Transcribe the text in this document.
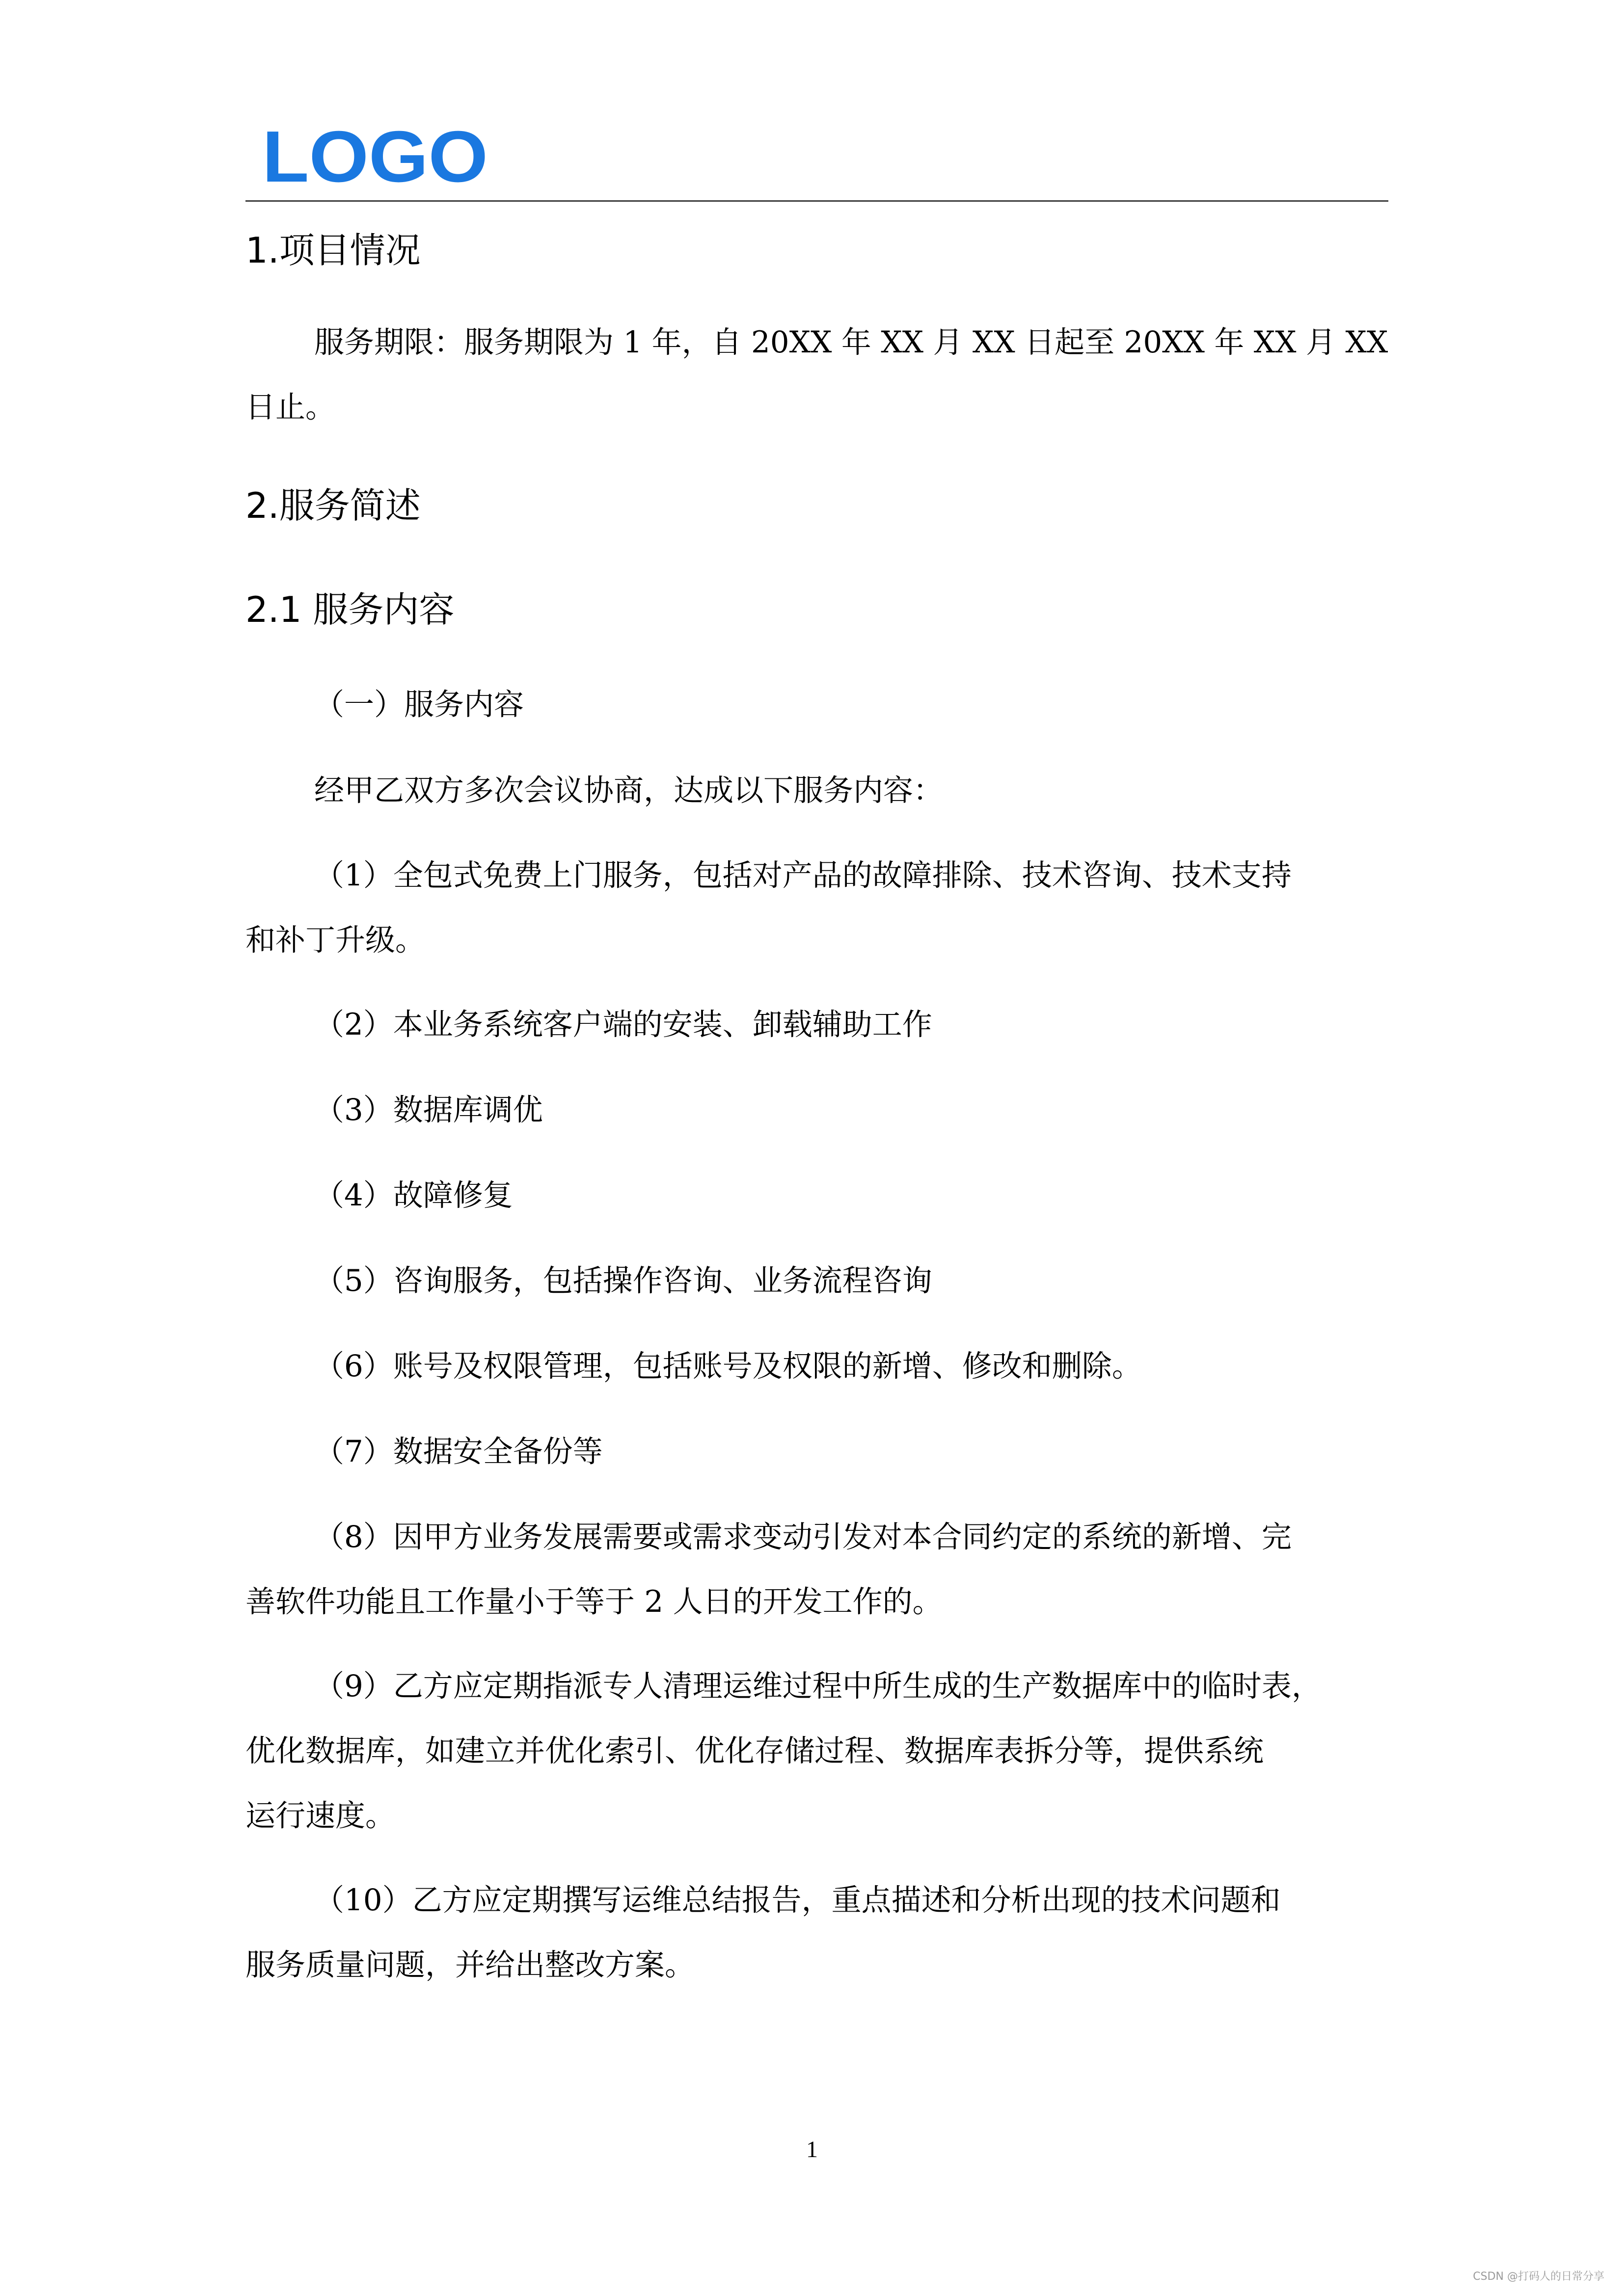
LOGO
1.项目情况
服务期限：服务期限为 1 年，自 20XX 年 XX 月 XX 日起至 20XX 年 XX 月 XX
日止。
2.服务简述
2.1 服务内容
（一）服务内容
经甲乙双方多次会议协商，达成以下服务内容：
（1）全包式免费上门服务，包括对产品的故障排除、技术咨询、技术支持
和补丁升级。
（2）本业务系统客户端的安装、卸载辅助工作
（3）数据库调优
（4）故障修复
（5）咨询服务，包括操作咨询、业务流程咨询
（6）账号及权限管理，包括账号及权限的新增、修改和删除。
（7）数据安全备份等
（8）因甲方业务发展需要或需求变动引发对本合同约定的系统的新增、完
善软件功能且工作量小于等于 2 人日的开发工作的。
（9）乙方应定期指派专人清理运维过程中所生成的生产数据库中的临时表，
优化数据库，如建立并优化索引、优化存储过程、数据库表拆分等，提供系统
运行速度。
（10）乙方应定期撰写运维总结报告，重点描述和分析出现的技术问题和
服务质量问题，并给出整改方案。
1
CSDN @打码人的日常分享
